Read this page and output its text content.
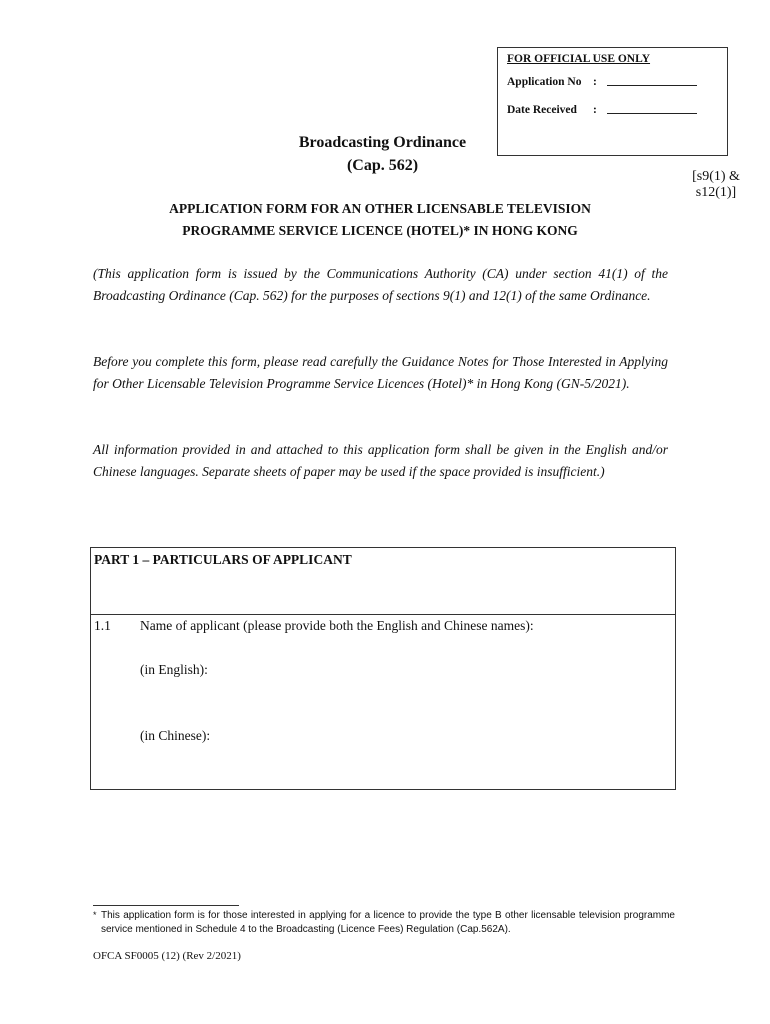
FOR OFFICIAL USE ONLY
Application No :
Date Received :
Broadcasting Ordinance
(Cap. 562)
[s9(1) &
s12(1)]
APPLICATION FORM FOR AN OTHER LICENSABLE TELEVISION
PROGRAMME SERVICE LICENCE (HOTEL)* IN HONG KONG
(This application form is issued by the Communications Authority (CA) under section 41(1) of the Broadcasting Ordinance (Cap. 562) for the purposes of sections 9(1) and 12(1) of the same Ordinance.
Before you complete this form, please read carefully the Guidance Notes for Those Interested in Applying for Other Licensable Television Programme Service Licences (Hotel)* in Hong Kong (GN-5/2021).
All information provided in and attached to this application form shall be given in the English and/or Chinese languages. Separate sheets of paper may be used if the space provided is insufficient.)
PART 1 – PARTICULARS OF APPLICANT
1.1 Name of applicant (please provide both the English and Chinese names):
(in English):
(in Chinese):
* This application form is for those interested in applying for a licence to provide the type B other licensable television programme service mentioned in Schedule 4 to the Broadcasting (Licence Fees) Regulation (Cap.562A).
OFCA SF0005 (12) (Rev 2/2021)
